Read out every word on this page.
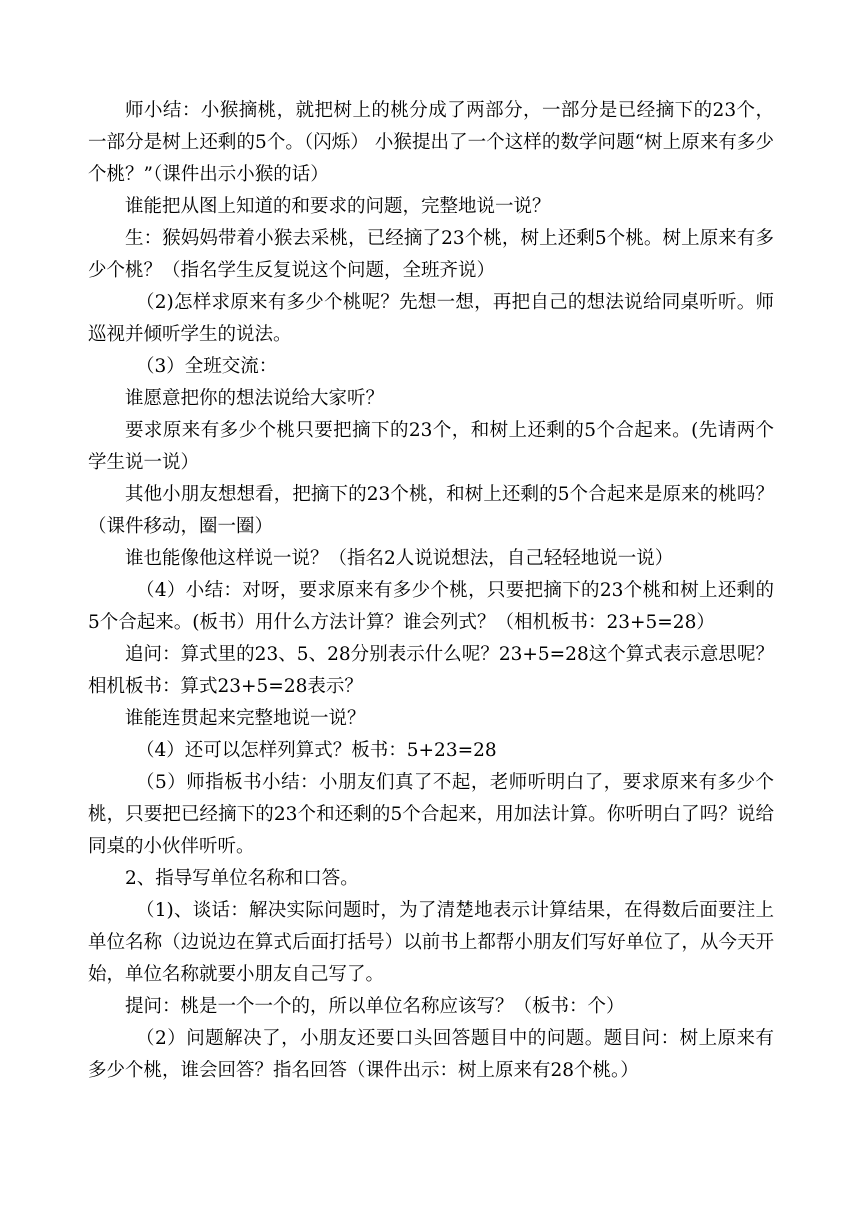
师小结：小猴摘桃，就把树上的桃分成了两部分，一部分是已经摘下的23个，一部分是树上还剩的5个。（闪烁） 小猴提出了一个这样的数学问题“树上原来有多少个桃？”（课件出示小猴的话）

谁能把从图上知道的和要求的问题，完整地说一说？

生：猴妈妈带着小猴去采桃，已经摘了23个桃，树上还剩5个桃。树上原来有多少个桃？（指名学生反复说这个问题，全班齐说）

（2)怎样求原来有多少个桃呢？先想一想，再把自己的想法说给同桌听听。师巡视并倾听学生的说法。

（3）全班交流：

谁愿意把你的想法说给大家听？

要求原来有多少个桃只要把摘下的23个，和树上还剩的5个合起来。(先请两个学生说一说）

其他小朋友想想看，把摘下的23个桃，和树上还剩的5个合起来是原来的桃吗？（课件移动，圈一圈）

谁也能像他这样说一说？（指名2人说说想法，自己轻轻地说一说）

（4）小结：对呀，要求原来有多少个桃，只要把摘下的23个桃和树上还剩的5个合起来。(板书）用什么方法计算？谁会列式？（相机板书：23+5=28）

追问：算式里的23、5、28分别表示什么呢？23+5=28这个算式表示意思呢？相机板书：算式23+5=28表示？

谁能连贯起来完整地说一说？

（4）还可以怎样列算式？板书：5+23=28

（5）师指板书小结：小朋友们真了不起，老师听明白了，要求原来有多少个桃，只要把已经摘下的23个和还剩的5个合起来，用加法计算。你听明白了吗？说给同桌的小伙伴听听。

2、指导写单位名称和口答。

（1)、谈话：解决实际问题时，为了清楚地表示计算结果，在得数后面要注上单位名称（边说边在算式后面打括号）以前书上都帮小朋友们写好单位了，从今天开始，单位名称就要小朋友自己写了。

提问：桃是一个一个的，所以单位名称应该写？（板书：个）

（2）问题解决了，小朋友还要口头回答题目中的问题。题目问：树上原来有多少个桃，谁会回答？指名回答（课件出示：树上原来有28个桃。）
